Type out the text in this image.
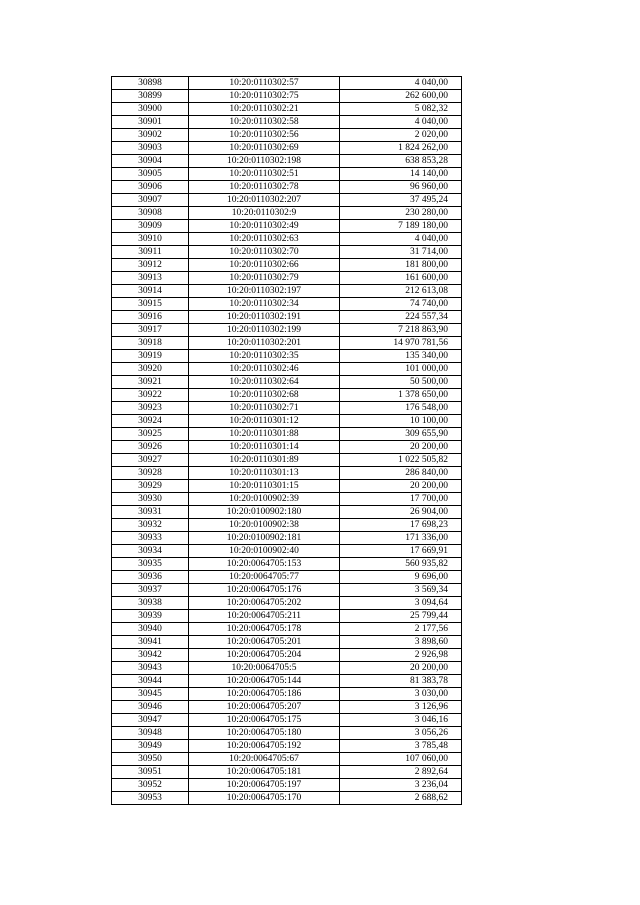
30898	10:20:0110302:57	4 040,00
30899	10:20:0110302:75	262 600,00
30900	10:20:0110302:21	5 082,32
30901	10:20:0110302:58	4 040,00
30902	10:20:0110302:56	2 020,00
30903	10:20:0110302:69	1 824 262,00
30904	10:20:0110302:198	638 853,28
30905	10:20:0110302:51	14 140,00
30906	10:20:0110302:78	96 960,00
30907	10:20:0110302:207	37 495,24
30908	10:20:0110302:9	230 280,00
30909	10:20:0110302:49	7 189 180,00
30910	10:20:0110302:63	4 040,00
30911	10:20:0110302:70	31 714,00
30912	10:20:0110302:66	181 800,00
30913	10:20:0110302:79	161 600,00
30914	10:20:0110302:197	212 613,08
30915	10:20:0110302:34	74 740,00
30916	10:20:0110302:191	224 557,34
30917	10:20:0110302:199	7 218 863,90
30918	10:20:0110302:201	14 970 781,56
30919	10:20:0110302:35	135 340,00
30920	10:20:0110302:46	101 000,00
30921	10:20:0110302:64	50 500,00
30922	10:20:0110302:68	1 378 650,00
30923	10:20:0110302:71	176 548,00
30924	10:20:0110301:12	10 100,00
30925	10:20:0110301:88	309 655,90
30926	10:20:0110301:14	20 200,00
30927	10:20:0110301:89	1 022 505,82
30928	10:20:0110301:13	286 840,00
30929	10:20:0110301:15	20 200,00
30930	10:20:0100902:39	17 700,00
30931	10:20:0100902:180	26 904,00
30932	10:20:0100902:38	17 698,23
30933	10:20:0100902:181	171 336,00
30934	10:20:0100902:40	17 669,91
30935	10:20:0064705:153	560 935,82
30936	10:20:0064705:77	9 696,00
30937	10:20:0064705:176	3 569,34
30938	10:20:0064705:202	3 094,64
30939	10:20:0064705:211	25 799,44
30940	10:20:0064705:178	2 177,56
30941	10:20:0064705:201	3 898,60
30942	10:20:0064705:204	2 926,98
30943	10:20:0064705:5	20 200,00
30944	10:20:0064705:144	81 383,78
30945	10:20:0064705:186	3 030,00
30946	10:20:0064705:207	3 126,96
30947	10:20:0064705:175	3 046,16
30948	10:20:0064705:180	3 056,26
30949	10:20:0064705:192	3 785,48
30950	10:20:0064705:67	107 060,00
30951	10:20:0064705:181	2 892,64
30952	10:20:0064705:197	3 236,04
30953	10:20:0064705:170	2 688,62
